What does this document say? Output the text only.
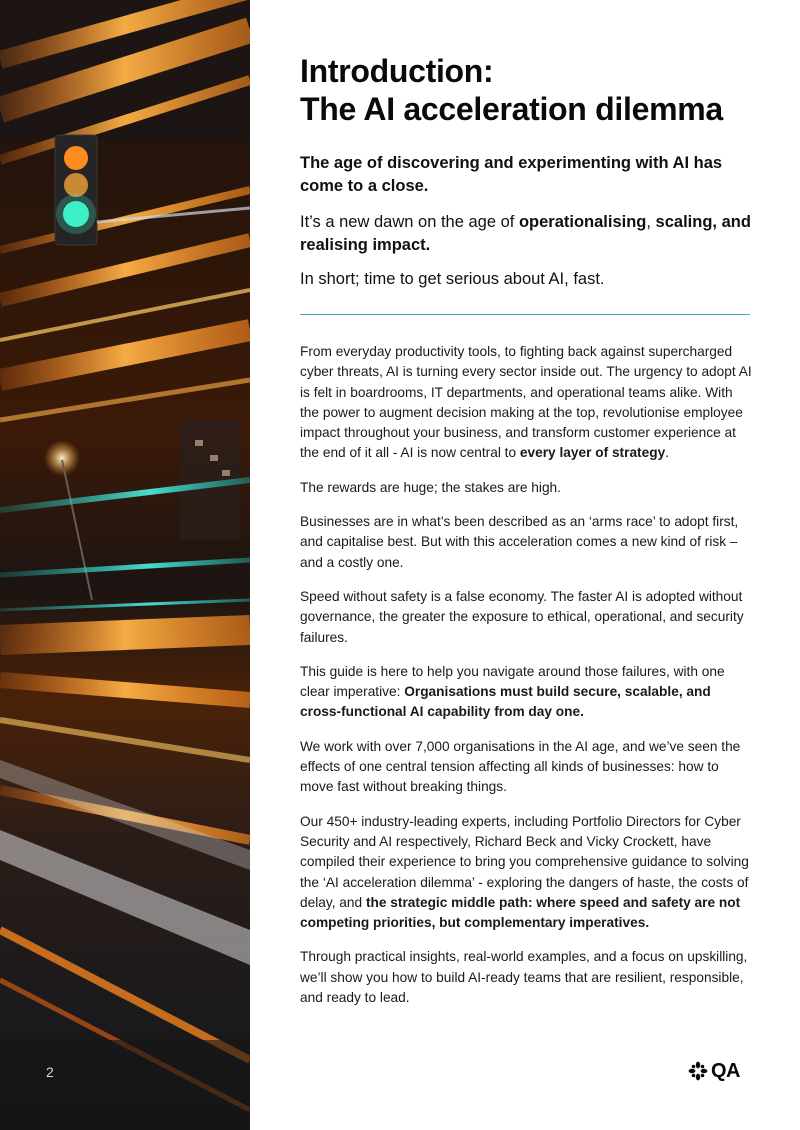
2
Introduction:
The AI acceleration dilemma

The age of discovering and experimenting with AI has come to a close.

It’s a new dawn on the age of operationalising, scaling, and realising impact.

In short; time to get serious about AI, fast.

From everyday productivity tools, to fighting back against supercharged cyber threats, AI is turning every sector inside out. The urgency to adopt AI is felt in boardrooms, IT departments, and operational teams alike. With the power to augment decision making at the top, revolutionise employee impact throughout your business, and transform customer experience at the end of it all - AI is now central to every layer of strategy.

The rewards are huge; the stakes are high.

Businesses are in what’s been described as an ‘arms race’ to adopt first, and capitalise best. But with this acceleration comes a new kind of risk – and a costly one.

Speed without safety is a false economy. The faster AI is adopted without governance, the greater the exposure to ethical, operational, and security failures.

This guide is here to help you navigate around those failures, with one clear imperative: Organisations must build secure, scalable, and cross-functional AI capability from day one.

We work with over 7,000 organisations in the AI age, and we’ve seen the effects of one central tension affecting all kinds of businesses: how to move fast without breaking things.

Our 450+ industry-leading experts, including Portfolio Directors for Cyber Security and AI respectively, Richard Beck and Vicky Crockett, have compiled their experience to bring you comprehensive guidance to solving the ‘AI acceleration dilemma’ - exploring the dangers of haste, the costs of delay, and the strategic middle path: where speed and safety are not competing priorities, but complementary imperatives.

Through practical insights, real-world examples, and a focus on upskilling, we’ll show you how to build AI-ready teams that are resilient, responsible, and ready to lead.

QA
